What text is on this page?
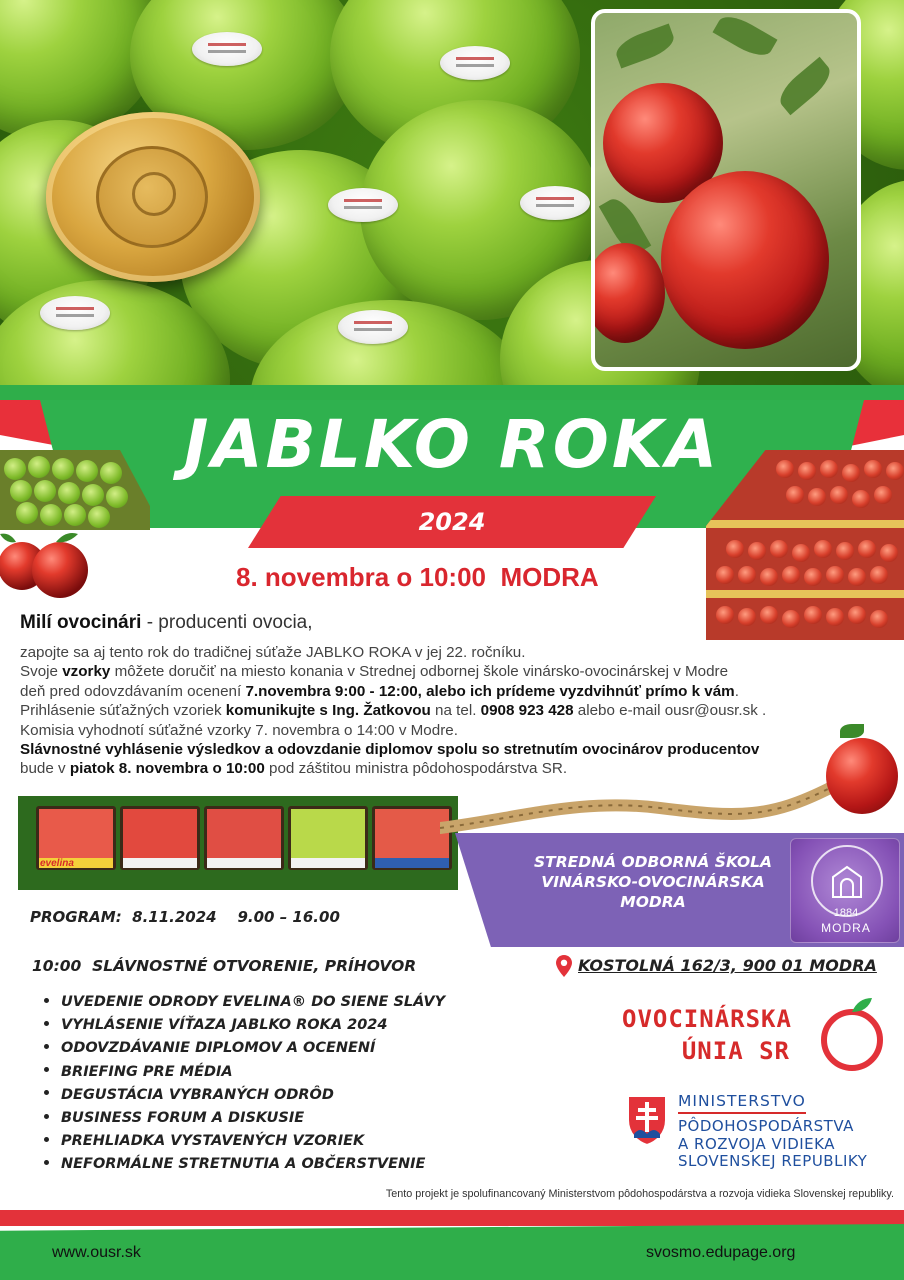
JABLKO ROKA
2024
8. novembra o 10:00  MODRA
Milí ovocinári - producenti ovocia,

zapojte sa aj tento rok do tradičnej súťaže JABLKO ROKA v jej 22. ročníku.

Svoje vzorky môžete doručiť na miesto konania v Strednej odbornej škole vinársko-ovocinárskej v Modre

deň pred odovzdávaním ocenení 7.novembra 9:00 - 12:00, alebo ich prídeme vyzdvihnúť prímo k vám.

Prihlásenie súťažných vzoriek komunikujte s Ing. Žatkovou na tel. 0908 923 428 alebo e-mail ousr@ousr.sk .

Komisia vyhodnotí súťažné vzorky 7. novembra o 14:00 v Modre.

Slávnostné vyhlásenie výsledkov a odovzdanie diplomov spolu so stretnutím ovocinárov producentov

bude v piatok 8. novembra o 10:00 pod záštitou ministra pôdohospodárstva SR.

evelina	STREDNÁ ODBORNÁ ŠKOLA
VINÁRSKO-OVOCINÁRSKA
MODRA
1884
MODRA
PROGRAM:  8.11.2024    9.00 – 16.00
10:00  SLÁVNOSTNÉ OTVORENIE, PRÍHOVOR
UVEDENIE ODRODY EVELINA® DO SIENE SLÁVY
VYHLÁSENIE VÍŤAZA JABLKO ROKA 2024
ODOVZDÁVANIE DIPLOMOV A OCENENÍ
BRIEFING PRE MÉDIA
DEGUSTÁCIA VYBRANÝCH ODRÔD
BUSINESS FORUM A DISKUSIE
PREHLIADKA VYSTAVENÝCH VZORIEK
NEFORMÁLNE STRETNUTIA A OBČERSTVENIE
KOSTOLNÁ 162/3, 900 01 MODRA
OVOCINÁRSKA
ÚNIA SR
MINISTERSTVO
PÔDOHOSPODÁRSTVA
A ROZVOJA VIDIEKA
SLOVENSKEJ REPUBLIKY
Tento projekt je spolufinancovaný Ministerstvom pôdohospodárstva a rozvoja vidieka Slovenskej republiky.
www.ousr.sk	svosmo.edupage.org
